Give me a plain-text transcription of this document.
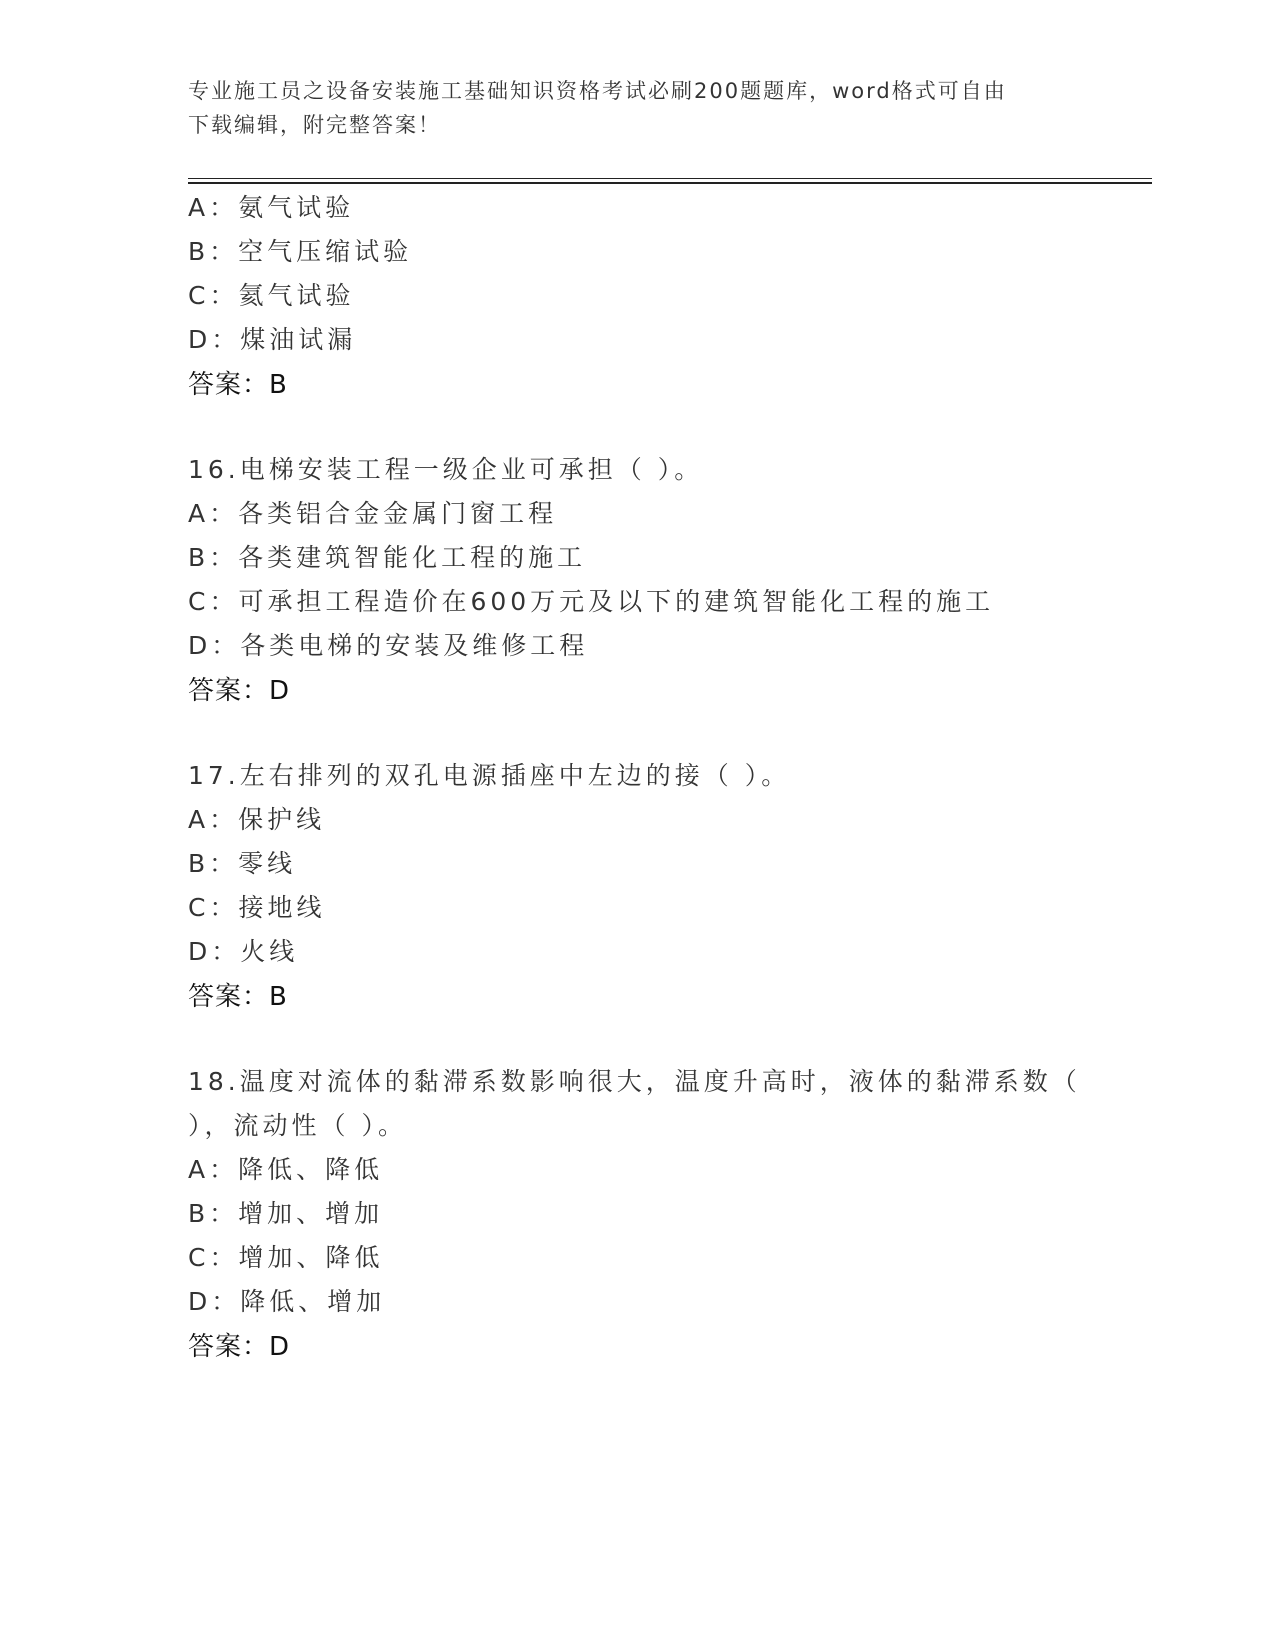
专业施工员之设备安装施工基础知识资格考试必刷200题题库，word格式可自由
下载编辑，附完整答案！
A：氨气试验
B：空气压缩试验
C：氦气试验
D：煤油试漏
答案：B
16.电梯安装工程一级企业可承担（ ）。
A：各类铝合金金属门窗工程
B：各类建筑智能化工程的施工
C：可承担工程造价在600万元及以下的建筑智能化工程的施工
D：各类电梯的安装及维修工程
答案：D
17.左右排列的双孔电源插座中左边的接（ ）。
A：保护线
B：零线
C：接地线
D：火线
答案：B
18.温度对流体的黏滞系数影响很大，温度升高时，液体的黏滞系数（
），流动性（ ）。
A：降低、降低
B：增加、增加
C：增加、降低
D：降低、增加
答案：D
